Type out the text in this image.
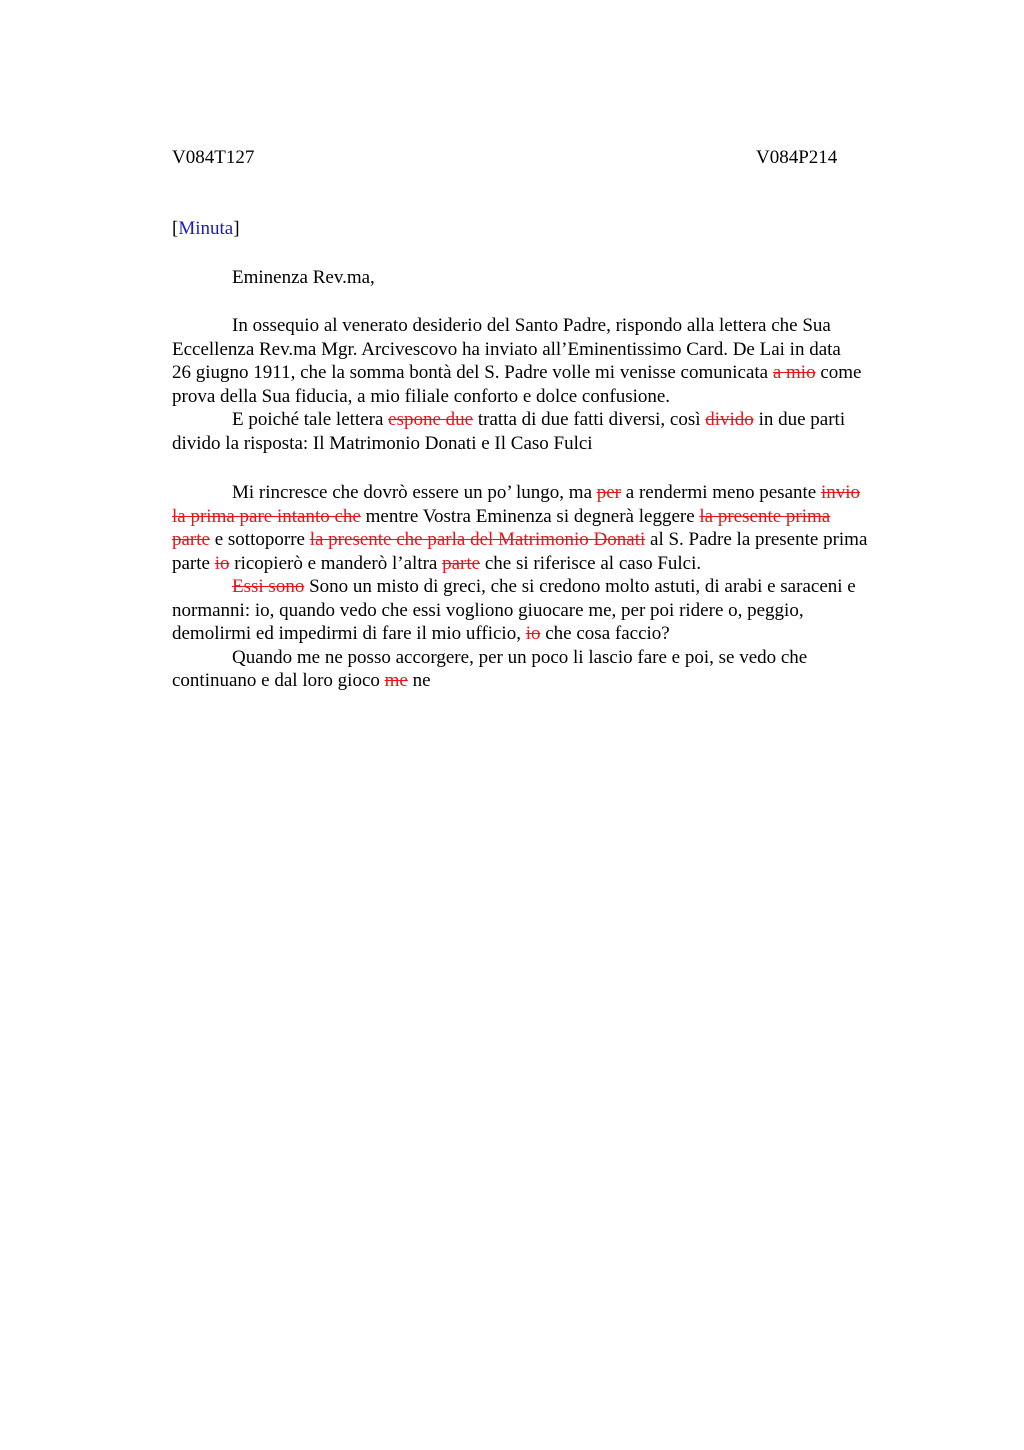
V084T127	V084P214
[Minuta]
Eminenza Rev.ma,
In ossequio al venerato desiderio del Santo Padre, rispondo alla lettera che Sua
Eccellenza Rev.ma Mgr. Arcivescovo ha inviato all’Eminentissimo Card. De Lai in data
26 giugno 1911, che la somma bontà del S. Padre volle mi venisse comunicata a mio come
prova della Sua fiducia, a mio filiale conforto e dolce confusione.
E poiché tale lettera espone due tratta di due fatti diversi, così divido in due parti
divido la risposta: Il Matrimonio Donati e Il Caso Fulci
Mi rincresce che dovrò essere un po’ lungo, ma per a rendermi meno pesante invio
la prima pare intanto che mentre Vostra Eminenza si degnerà leggere la presente prima
parte e sottoporre la presente che parla del Matrimonio Donati al S. Padre la presente prima
parte io ricopierò e manderò l’altra parte che si riferisce al caso Fulci.
Essi sono Sono un misto di greci, che si credono molto astuti, di arabi e saraceni e
normanni: io, quando vedo che essi vogliono giuocare me, per poi ridere o, peggio,
demolirmi ed impedirmi di fare il mio ufficio, io che cosa faccio?
Quando me ne posso accorgere, per un poco li lascio fare e poi, se vedo che
continuano e dal loro gioco me ne
